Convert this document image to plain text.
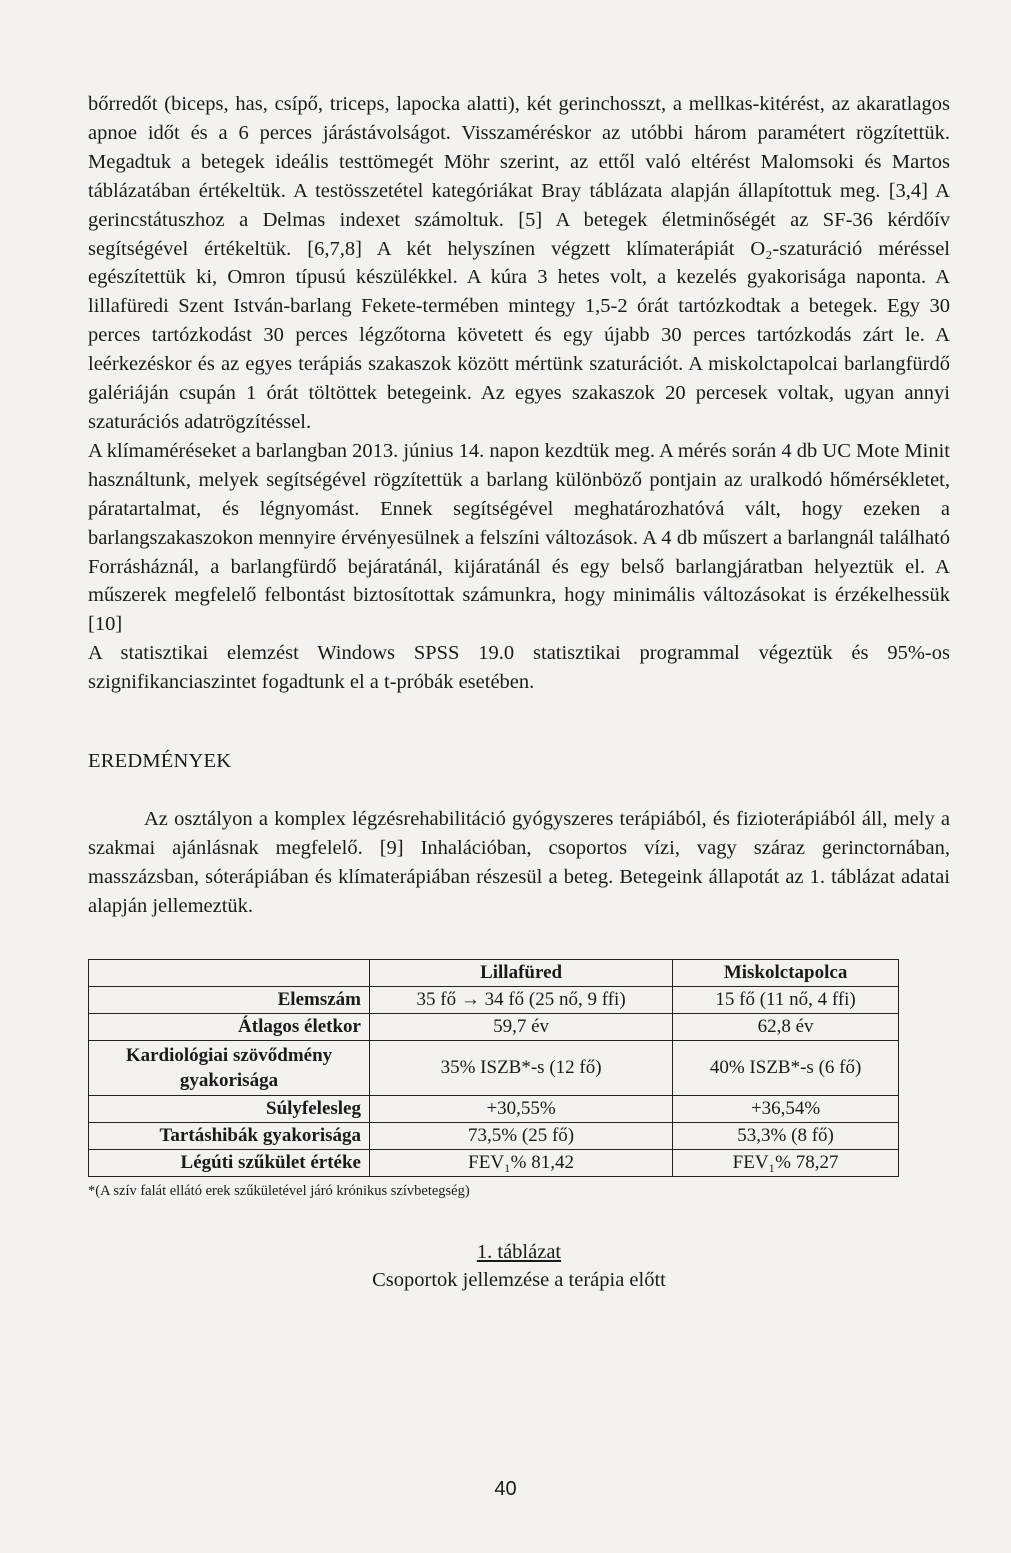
bőrredőt (biceps, has, csípő, triceps, lapocka alatti), két gerinchosszt, a mellkas-kitérést, az akaratlagos apnoe időt és a 6 perces járástávolságot. Visszaméréskor az utóbbi három paramétert rögzítettük. Megadtuk a betegek ideális testtömegét Möhr szerint, az ettől való eltérést Malomsoki és Martos táblázatában értékeltük. A testösszetétel kategóriákat Bray táblázata alapján állapítottuk meg. [3,4] A gerincstátuszhoz a Delmas indexet számoltuk. [5] A betegek életminőségét az SF-36 kérdőív segítségével értékeltük. [6,7,8] A két helyszínen végzett klímaterápiát O₂-szaturáció méréssel egészítettük ki, Omron típusú készülékkel. A kúra 3 hetes volt, a kezelés gyakorisága naponta. A lillafüredi Szent István-barlang Fekete-termében mintegy 1,5-2 órát tartózkodtak a betegek. Egy 30 perces tartózkodást 30 perces légzőtorna követett és egy újabb 30 perces tartózkodás zárt le. A leérkezéskor és az egyes terápiás szakaszok között mértünk szaturációt. A miskolctapolcai barlangfürdő galériáján csupán 1 órát töltöttek betegeink. Az egyes szakaszok 20 percesek voltak, ugyan annyi szaturációs adatrögzítéssel.

A klímaméréseket a barlangban 2013. június 14. napon kezdtük meg. A mérés során 4 db UC Mote Minit használtunk, melyek segítségével rögzítettük a barlang különböző pontjain az uralkodó hőmérsékletet, páratartalmat, és légnyomást. Ennek segítségével meghatározhatóvá vált, hogy ezeken a barlangszakaszokon mennyire érvényesülnek a felszíni változások. A 4 db műszert a barlangnál található Forrásháznál, a barlangfürdő bejáratánál, kijáratánál és egy belső barlangjáratban helyeztük el. A műszerek megfelelő felbontást biztosítottak számunkra, hogy minimális változásokat is érzékelhessük [10]

A statisztikai elemzést Windows SPSS 19.0 statisztikai programmal végeztük és 95%-os szignifikanciaszintet fogadtunk el a t-próbák esetében.

EREDMÉNYEK

Az osztályon a komplex légzésrehabilitáció gyógyszeres terápiából, és fizioterápiából áll, mely a szakmai ajánlásnak megfelelő. [9] Inhalációban, csoportos vízi, vagy száraz gerinctornában, masszázsban, sóterápiában és klímaterápiában részesül a beteg. Betegeink állapotát az 1. táblázat adatai alapján jellemeztük.

	Lillafüred	Miskolctapolca
Elemszám	35 fő → 34 fő (25 nő, 9 ffi)	15 fő (11 nő, 4 ffi)
Átlagos életkor	59,7 év	62,8 év
Kardiológiai szövődmény gyakorisága	35% ISZB*-s (12 fő)	40% ISZB*-s (6 fő)
Súlyfelesleg	+30,55%	+36,54%
Tartáshibák gyakorisága	73,5% (25 fő)	53,3% (8 fő)
Légúti szűkület értéke	FEV₁% 81,42	FEV₁% 78,27
*(A szív falát ellátó erek szűkületével járó krónikus szívbetegség)
1. táblázat
Csoportok jellemzése a terápia előtt
40
